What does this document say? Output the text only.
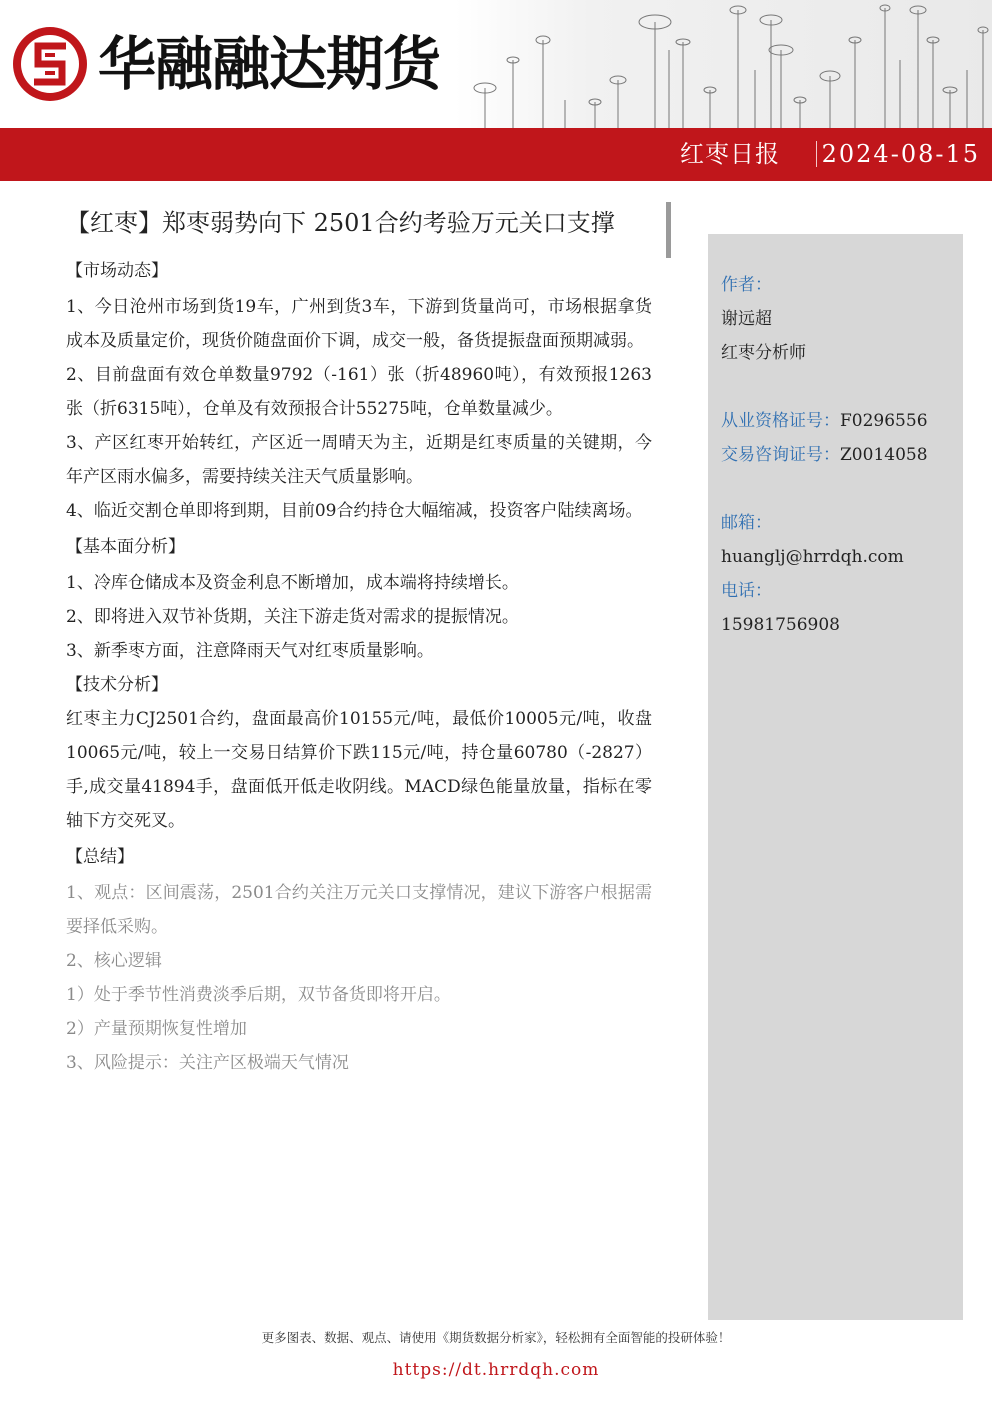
华融融达期货
红枣日报 2024-08-15
【红枣】郑枣弱势向下 2501合约考验万元关口支撑
【市场动态】

1、今日沧州市场到货19车，广州到货3车，下游到货量尚可，市场根据拿货成本及质量定价，现货价随盘面价下调，成交一般，备货提振盘面预期减弱。

2、目前盘面有效仓单数量9792（-161）张（折48960吨），有效预报1263张（折6315吨），仓单及有效预报合计55275吨，仓单数量减少。

3、产区红枣开始转红，产区近一周晴天为主，近期是红枣质量的关键期，今年产区雨水偏多，需要持续关注天气质量影响。

4、临近交割仓单即将到期，目前09合约持仓大幅缩减，投资客户陆续离场。

【基本面分析】

1、冷库仓储成本及资金利息不断增加，成本端将持续增长。

2、即将进入双节补货期，关注下游走货对需求的提振情况。

3、新季枣方面，注意降雨天气对红枣质量影响。

【技术分析】

红枣主力CJ2501合约，盘面最高价10155元/吨，最低价10005元/吨，收盘10065元/吨，较上一交易日结算价下跌115元/吨，持仓量60780（-2827）手,成交量41894手，盘面低开低走收阴线。MACD绿色能量放量，指标在零轴下方交死叉。

【总结】

1、观点：区间震荡，2501合约关注万元关口支撑情况，建议下游客户根据需要择低采购。

2、核心逻辑

1）处于季节性消费淡季后期，双节备货即将开启。

2）产量预期恢复性增加

3、风险提示：关注产区极端天气情况

作者：
谢远超
红枣分析师
从业资格证号：F0296556
交易咨询证号：Z0014058
邮箱：
huanglj@hrrdqh.com
电话：
15981756908
更多图表、数据、观点、请使用《期货数据分析家》，轻松拥有全面智能的投研体验！
https://dt.hrrdqh.com
